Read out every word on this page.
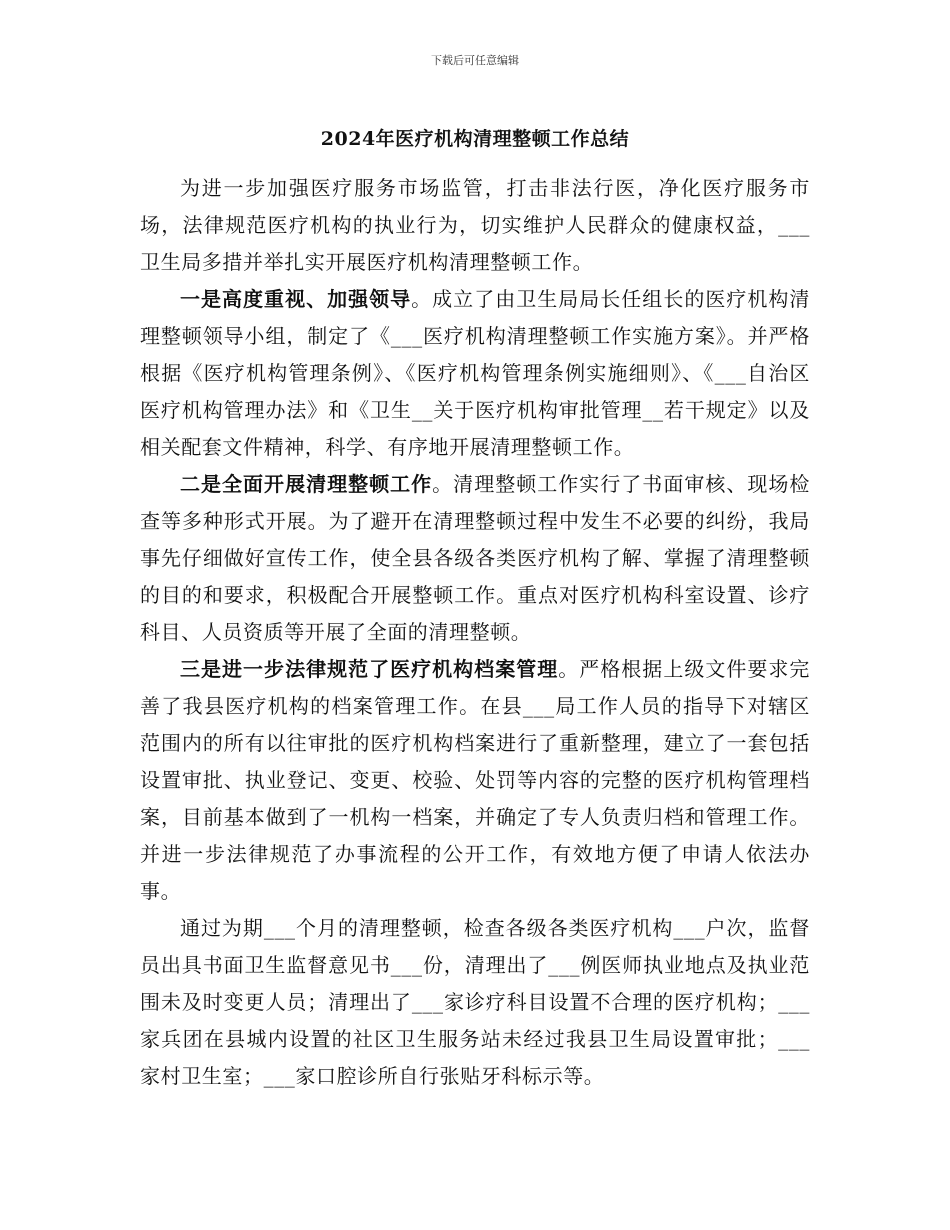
下载后可任意编辑
2024年医疗机构清理整顿工作总结

为进一步加强医疗服务市场监管，打击非法行医，净化医疗服务市场，法律规范医疗机构的执业行为，切实维护人民群众的健康权益，___卫生局多措并举扎实开展医疗机构清理整顿工作。

一是高度重视、加强领导。成立了由卫生局局长任组长的医疗机构清理整顿领导小组，制定了《___医疗机构清理整顿工作实施方案》。并严格根据《医疗机构管理条例》、《医疗机构管理条例实施细则》、《___自治区医疗机构管理办法》和《卫生__关于医疗机构审批管理__若干规定》以及相关配套文件精神，科学、有序地开展清理整顿工作。

二是全面开展清理整顿工作。清理整顿工作实行了书面审核、现场检查等多种形式开展。为了避开在清理整顿过程中发生不必要的纠纷，我局事先仔细做好宣传工作，使全县各级各类医疗机构了解、掌握了清理整顿的目的和要求，积极配合开展整顿工作。重点对医疗机构科室设置、诊疗科目、人员资质等开展了全面的清理整顿。

三是进一步法律规范了医疗机构档案管理。严格根据上级文件要求完善了我县医疗机构的档案管理工作。在县___局工作人员的指导下对辖区范围内的所有以往审批的医疗机构档案进行了重新整理，建立了一套包括设置审批、执业登记、变更、校验、处罚等内容的完整的医疗机构管理档案，目前基本做到了一机构一档案，并确定了专人负责归档和管理工作。并进一步法律规范了办事流程的公开工作，有效地方便了申请人依法办事。

通过为期___个月的清理整顿，检查各级各类医疗机构___户次，监督员出具书面卫生监督意见书___份，清理出了___例医师执业地点及执业范围未及时变更人员；清理出了___家诊疗科目设置不合理的医疗机构；___家兵团在县城内设置的社区卫生服务站未经过我县卫生局设置审批；___家村卫生室；___家口腔诊所自行张贴牙科标示等。
